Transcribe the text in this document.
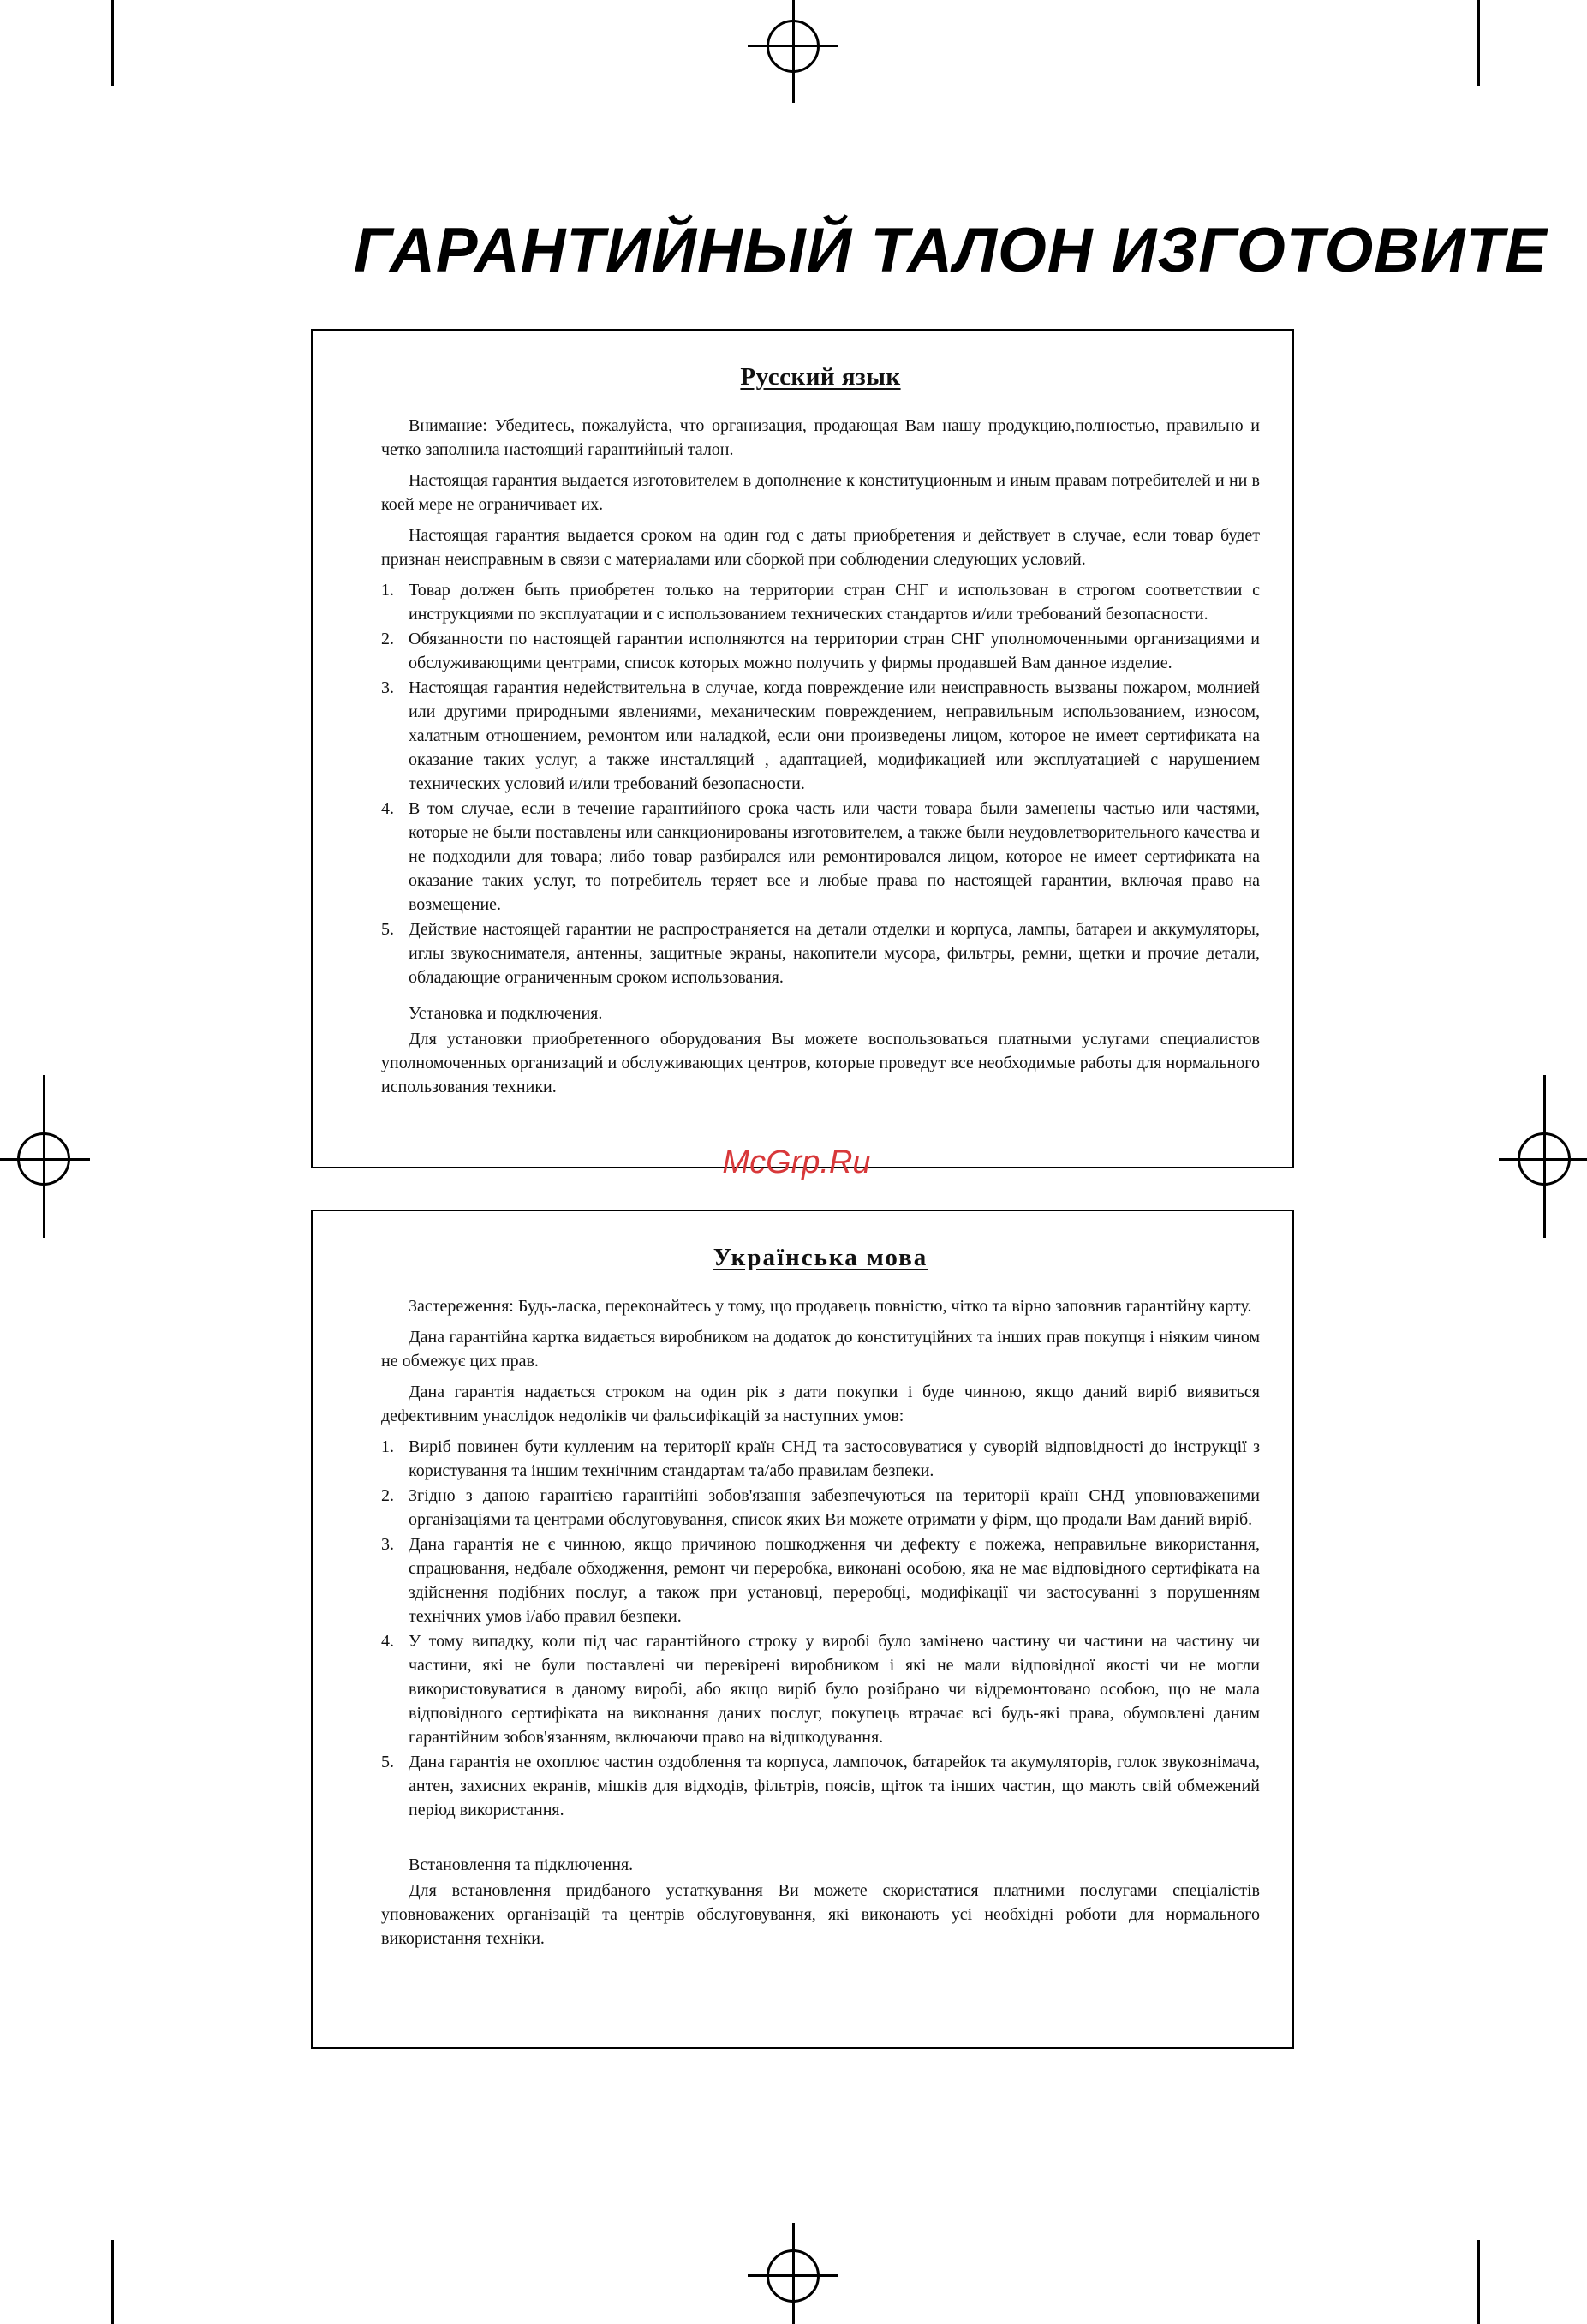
ГАРАНТИЙНЫЙ ТАЛОН ИЗГОТОВИТЕ
Русский язык

Внимание: Убедитесь, пожалуйста, что организация, продающая Вам нашу продукцию,полностью, правильно и четко заполнила настоящий гарантийный талон.

Настоящая гарантия выдается изготовителем в дополнение к конституционным и иным правам потребителей и ни в коей мере не ограничивает их.

Настоящая гарантия выдается сроком на один год с даты приобретения и действует в случае, если товар будет признан неисправным в связи с материалами или сборкой при соблюдении следующих условий.

1. Товар должен быть приобретен только на территории стран СНГ и использован в строгом соответствии с инструкциями по эксплуатации и с использованием технических стандартов и/или требований безопасности.
2. Обязанности по настоящей гарантии исполняются на территории стран СНГ уполномоченными организациями и обслуживающими центрами, список которых можно получить у фирмы продавшей Вам данное изделие.
3. Настоящая гарантия недействительна в случае, когда повреждение или неисправность вызваны пожаром, молнией или другими природными явлениями, механическим повреждением, неправильным использованием, износом, халатным отношением, ремонтом или наладкой, если они произведены лицом, которое не имеет сертификата на оказание таких услуг, а также инсталляций , адаптацией, модификацией или эксплуатацией с нарушением технических условий и/или требований безопасности.
4. В том случае, если в течение гарантийного срока часть или части товара были заменены частью или частями, которые не были поставлены или санкционированы изготовителем, а также были неудовлетворительного качества и не подходили для товара; либо товар разбирался или ремонтировался лицом, которое не имеет сертификата на оказание таких услуг, то потребитель теряет все и любые права по настоящей гарантии, включая право на возмещение.
5. Действие настоящей гарантии не распространяется на детали отделки и корпуса, лампы, батареи и аккумуляторы, иглы звукоснимателя, антенны, защитные экраны, накопители мусора, фильтры, ремни, щетки и прочие детали, обладающие ограниченным сроком использования.

Установка и подключения.

Для установки приобретенного оборудования Вы можете воспользоваться платными услугами специалистов уполномоченных организаций и обслуживающих центров, которые проведут все необходимые работы для нормального использования техники.

McGrp.Ru
Українська мова

Застереження: Будь-ласка, переконайтесь у тому, що продавець повністю, чітко та вірно заповнив гарантійну карту.

Дана гарантійна картка видається виробником на додаток до конституційних та інших прав покупця і ніяким чином не обмежує цих прав.

Дана гарантія надається строком на один рік з дати покупки і буде чинною, якщо даний виріб виявиться дефективним унаслідок недоліків чи фальсифікацій за наступних умов:

1. Виріб повинен бути кулленим на території країн СНД та застосовуватися у суворій відповідності до інструкції з користування та іншим технічним стандартам та/або правилам безпеки.
2. Згідно з даною гарантією гарантійні зобов'язання забезпечуються на території країн СНД уповноваженими організаціями та центрами обслуговування, список яких Ви можете отримати у фірм, що продали Вам даний виріб.
3. Дана гарантія не є чинною, якщо причиною пошкодження чи дефекту є пожежа, неправильне використання, спрацювання, недбале обходження, ремонт чи переробка, виконані особою, яка не має відповідного сертифіката на здійснення подібних послуг, а також при установці, переробці, модифікації чи застосуванні з порушенням технічних умов і/або правил безпеки.
4. У тому випадку, коли під час гарантійного строку у виробі було замінено частину чи частини на частину чи частини, які не були поставлені чи перевірені виробником і які не мали відповідної якості чи не могли використовуватися в даному виробі, або якщо виріб було розібрано чи відремонтовано особою, що не мала відповідного сертифіката на виконання даних послуг, покупець втрачає всі будь-які права, обумовлені даним гарантійним зобов'язанням, включаючи право на відшкодування.
5. Дана гарантія не охоплює частин оздоблення та корпуса, лампочок, батарейок та акумуляторів, голок звукознімача, антен, захисних екранів, мішків для відходів, фільтрів, поясів, щіток та інших частин, що мають свій обмежений період використання.

Встановлення та підключення.

Для встановлення придбаного устаткування Ви можете скористатися платними послугами спеціалістів уповноважених організацій та центрів обслуговування, які виконають усі необхідні роботи для нормального використання техніки.
